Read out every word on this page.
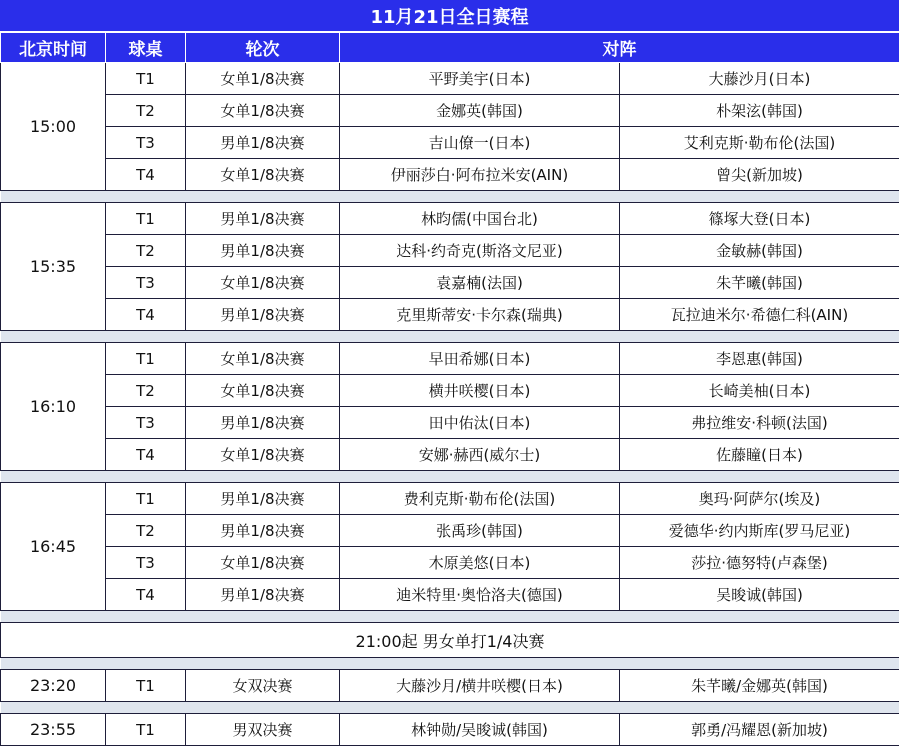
11月21日全日赛程
北京时间	球桌	轮次	对阵	
15:00	T1	女单1/8决赛	平野美宇(日本)	大藤沙月(日本)
	T2	女单1/8决赛	金娜英(韩国)	朴架泫(韩国)
	T3	男单1/8决赛	吉山僚一(日本)	艾利克斯·勒布伦(法国)
	T4	女单1/8决赛	伊丽莎白·阿布拉米安(AIN)	曾尖(新加坡)

15:35	T1	男单1/8决赛	林昀儒(中国台北)	篠塚大登(日本)
	T2	男单1/8决赛	达科·约奇克(斯洛文尼亚)	金敏赫(韩国)
	T3	女单1/8决赛	袁嘉楠(法国)	朱芊曦(韩国)
	T4	男单1/8决赛	克里斯蒂安·卡尔森(瑞典)	瓦拉迪米尔·希德仁科(AIN)

16:10	T1	女单1/8决赛	早田希娜(日本)	李恩惠(韩国)
	T2	女单1/8决赛	横井咲樱(日本)	长崎美柚(日本)
	T3	男单1/8决赛	田中佑汰(日本)	弗拉维安·科顿(法国)
	T4	女单1/8决赛	安娜·赫西(威尔士)	佐藤瞳(日本)

16:45	T1	男单1/8决赛	费利克斯·勒布伦(法国)	奥玛·阿萨尔(埃及)
	T2	男单1/8决赛	张禹珍(韩国)	爱德华·约内斯库(罗马尼亚)
	T3	女单1/8决赛	木原美悠(日本)	莎拉·德努特(卢森堡)
	T4	男单1/8决赛	迪米特里·奥恰洛夫(德国)	吴晙诚(韩国)

21:00起 男女单打1/4决赛				

23:20	T1	女双决赛	大藤沙月/横井咲樱(日本)	朱芊曦/金娜英(韩国)

23:55	T1	男双决赛	林钟勋/吴晙诚(韩国)	郭勇/冯耀恩(新加坡)
